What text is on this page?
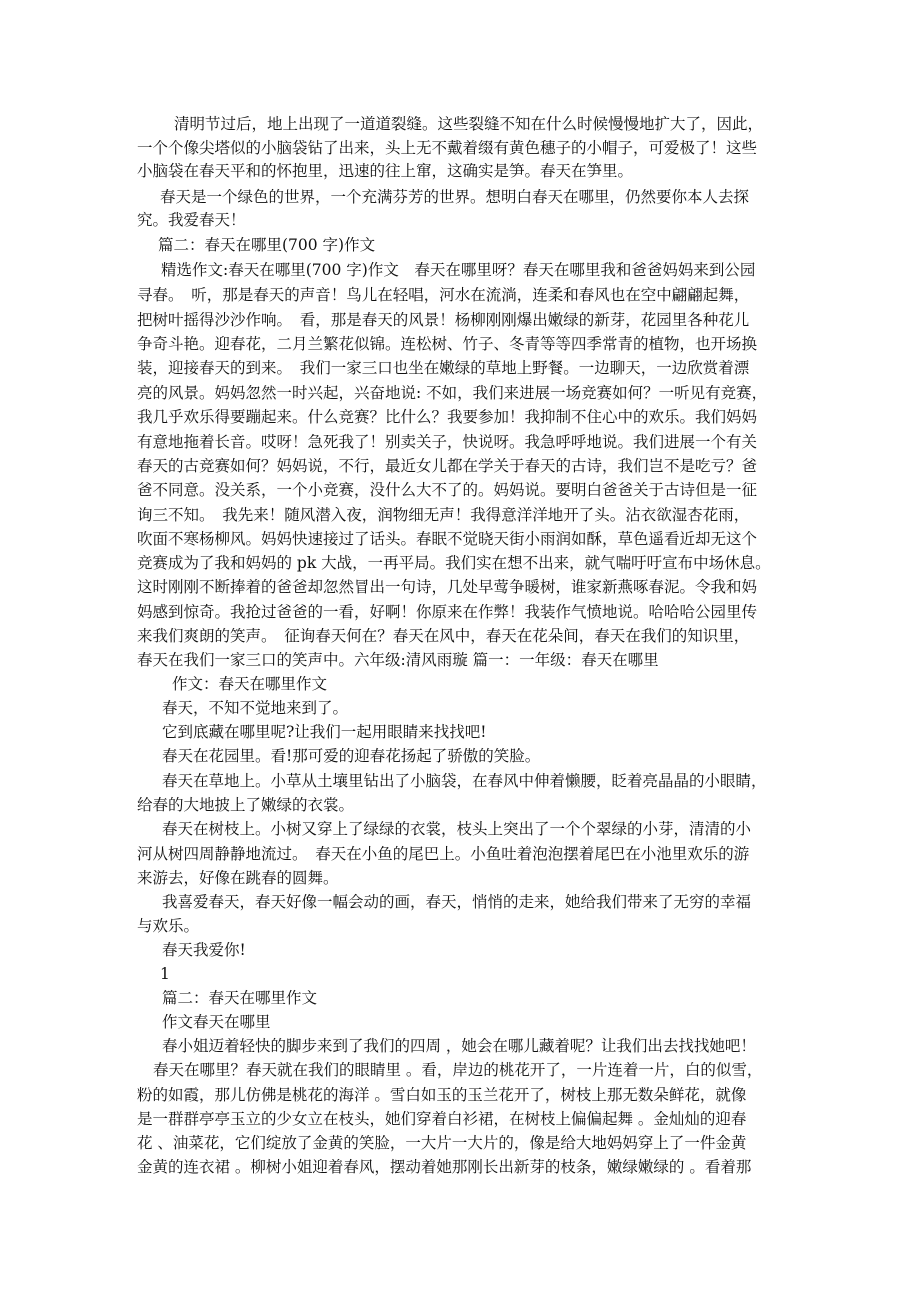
清明节过后，地上出现了一道道裂缝。这些裂缝不知在什么时候慢慢地扩大了，因此，
一个个像尖塔似的小脑袋钻了出来，头上无不戴着缀有黄色穗子的小帽子，可爱极了！这些
小脑袋在春天平和的怀抱里，迅速的往上窜，这确实是笋。春天在笋里。
春天是一个绿色的世界，一个充满芬芳的世界。想明白春天在哪里，仍然要你本人去探
究。我爱春天！
篇二：春天在哪里(700 字)作文
精选作文:春天在哪里(700 字)作文　春天在哪里呀？春天在哪里我和爸爸妈妈来到公园
寻春。　听，那是春天的声音！鸟儿在轻唱，河水在流淌，连柔和春风也在空中翩翩起舞，
把树叶摇得沙沙作响。　看，那是春天的风景！杨柳刚刚爆出嫩绿的新芽，花园里各种花儿
争奇斗艳。迎春花，二月兰繁花似锦。连松树、竹子、冬青等等四季常青的植物，也开场换
装，迎接春天的到来。　我们一家三口也坐在嫩绿的草地上野餐。一边聊天，一边欣赏着漂
亮的风景。妈妈忽然一时兴起，兴奋地说: 不如，我们来进展一场竞赛如何？一听见有竞赛，
我几乎欢乐得要蹦起来。什么竞赛？比什么？我要参加！我抑制不住心中的欢乐。我们妈妈
有意地拖着长音。哎呀！急死我了！别卖关子，快说呀。我急呼呼地说。我们进展一个有关
春天的古竞赛如何？妈妈说，不行，最近女儿都在学关于春天的古诗，我们岂不是吃亏？爸
爸不同意。没关系，一个小竞赛，没什么大不了的。妈妈说。要明白爸爸关于古诗但是一征
询三不知。　我先来！随风潜入夜，润物细无声！我得意洋洋地开了头。沾衣欲湿杏花雨，
吹面不寒杨柳风。妈妈快速接过了话头。春眠不觉晓天街小雨润如酥，草色遥看近却无这个
竞赛成为了我和妈妈的 pk 大战，一再平局。我们实在想不出来，就气喘吁吁宣布中场休息。
这时刚刚不断捧着的爸爸却忽然冒出一句诗，几处早莺争暖树，谁家新燕啄春泥。令我和妈
妈感到惊奇。我抢过爸爸的一看，好啊！你原来在作弊！我装作气愤地说。哈哈哈公园里传
来我们爽朗的笑声。　征询春天何在？春天在风中，春天在花朵间，春天在我们的知识里，
春天在我们一家三口的笑声中。六年级:清风雨璇 篇一：一年级：春天在哪里
作文：春天在哪里作文
春天，不知不觉地来到了。
它到底藏在哪里呢?让我们一起用眼睛来找找吧!
春天在花园里。看!那可爱的迎春花扬起了骄傲的笑脸。
春天在草地上。小草从土壤里钻出了小脑袋，在春风中伸着懒腰，眨着亮晶晶的小眼睛，
给春的大地披上了嫩绿的衣裳。
春天在树枝上。小树又穿上了绿绿的衣裳，枝头上突出了一个个翠绿的小芽，清清的小
河从树四周静静地流过。　春天在小鱼的尾巴上。小鱼吐着泡泡摆着尾巴在小池里欢乐的游
来游去，好像在跳春的圆舞。
我喜爱春天，春天好像一幅会动的画，春天，悄悄的走来，她给我们带来了无穷的幸福
与欢乐。
春天我爱你!
1
篇二：春天在哪里作文
作文春天在哪里
春小姐迈着轻快的脚步来到了我们的四周 ，她会在哪儿藏着呢？让我们出去找找她吧！
春天在哪里？春天就在我们的眼睛里 。看，岸边的桃花开了，一片连着一片，白的似雪，
粉的如霞，那儿仿佛是桃花的海洋 。雪白如玉的玉兰花开了，树枝上那无数朵鲜花，就像
是一群群亭亭玉立的少女立在枝头，她们穿着白衫裙，在树枝上偏偏起舞 。金灿灿的迎春
花 、油菜花，它们绽放了金黄的笑脸，一大片一大片的，像是给大地妈妈穿上了一件金黄
金黄的连衣裙 。柳树小姐迎着春风，摆动着她那刚长出新芽的枝条，嫩绿嫩绿的 。看着那
